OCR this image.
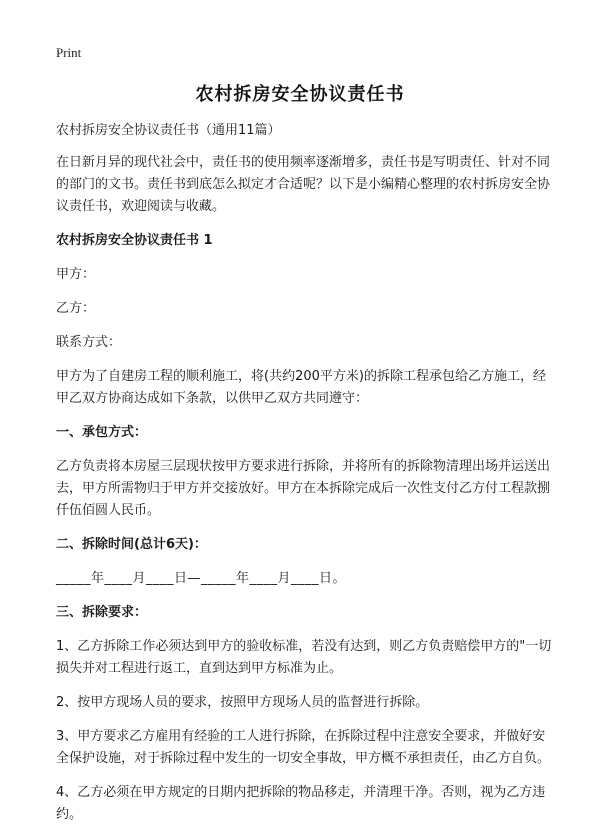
Print
农村拆房安全协议责任书

农村拆房安全协议责任书（通用11篇）

在日新月异的现代社会中，责任书的使用频率逐渐增多，责任书是写明责任、针对不同的部门的文书。责任书到底怎么拟定才合适呢？以下是小编精心整理的农村拆房安全协议责任书，欢迎阅读与收藏。

农村拆房安全协议责任书 1

甲方：

乙方：

联系方式：

甲方为了自建房工程的顺利施工，将(共约200平方米)的拆除工程承包给乙方施工，经甲乙双方协商达成如下条款，以供甲乙双方共同遵守：

一、承包方式：

乙方负责将本房屋三层现状按甲方要求进行拆除，并将所有的拆除物清理出场并运送出去，甲方所需物归于甲方并交接放好。甲方在本拆除完成后一次性支付乙方付工程款捌仟伍佰圆人民币。

二、拆除时间(总计6天)：

_____年____月____日—_____年____月____日。

三、拆除要求：

1、乙方拆除工作必须达到甲方的验收标准，若没有达到，则乙方负责赔偿甲方的"一切损失并对工程进行返工，直到达到甲方标准为止。

2、按甲方现场人员的要求，按照甲方现场人员的监督进行拆除。

3、甲方要求乙方雇用有经验的工人进行拆除，在拆除过程中注意安全要求，并做好安全保护设施，对于拆除过程中发生的一切安全事故，甲方概不承担责任，由乙方自负。

4、乙方必须在甲方规定的日期内把拆除的物品移走，并清理干净。否则，视为乙方违约。
